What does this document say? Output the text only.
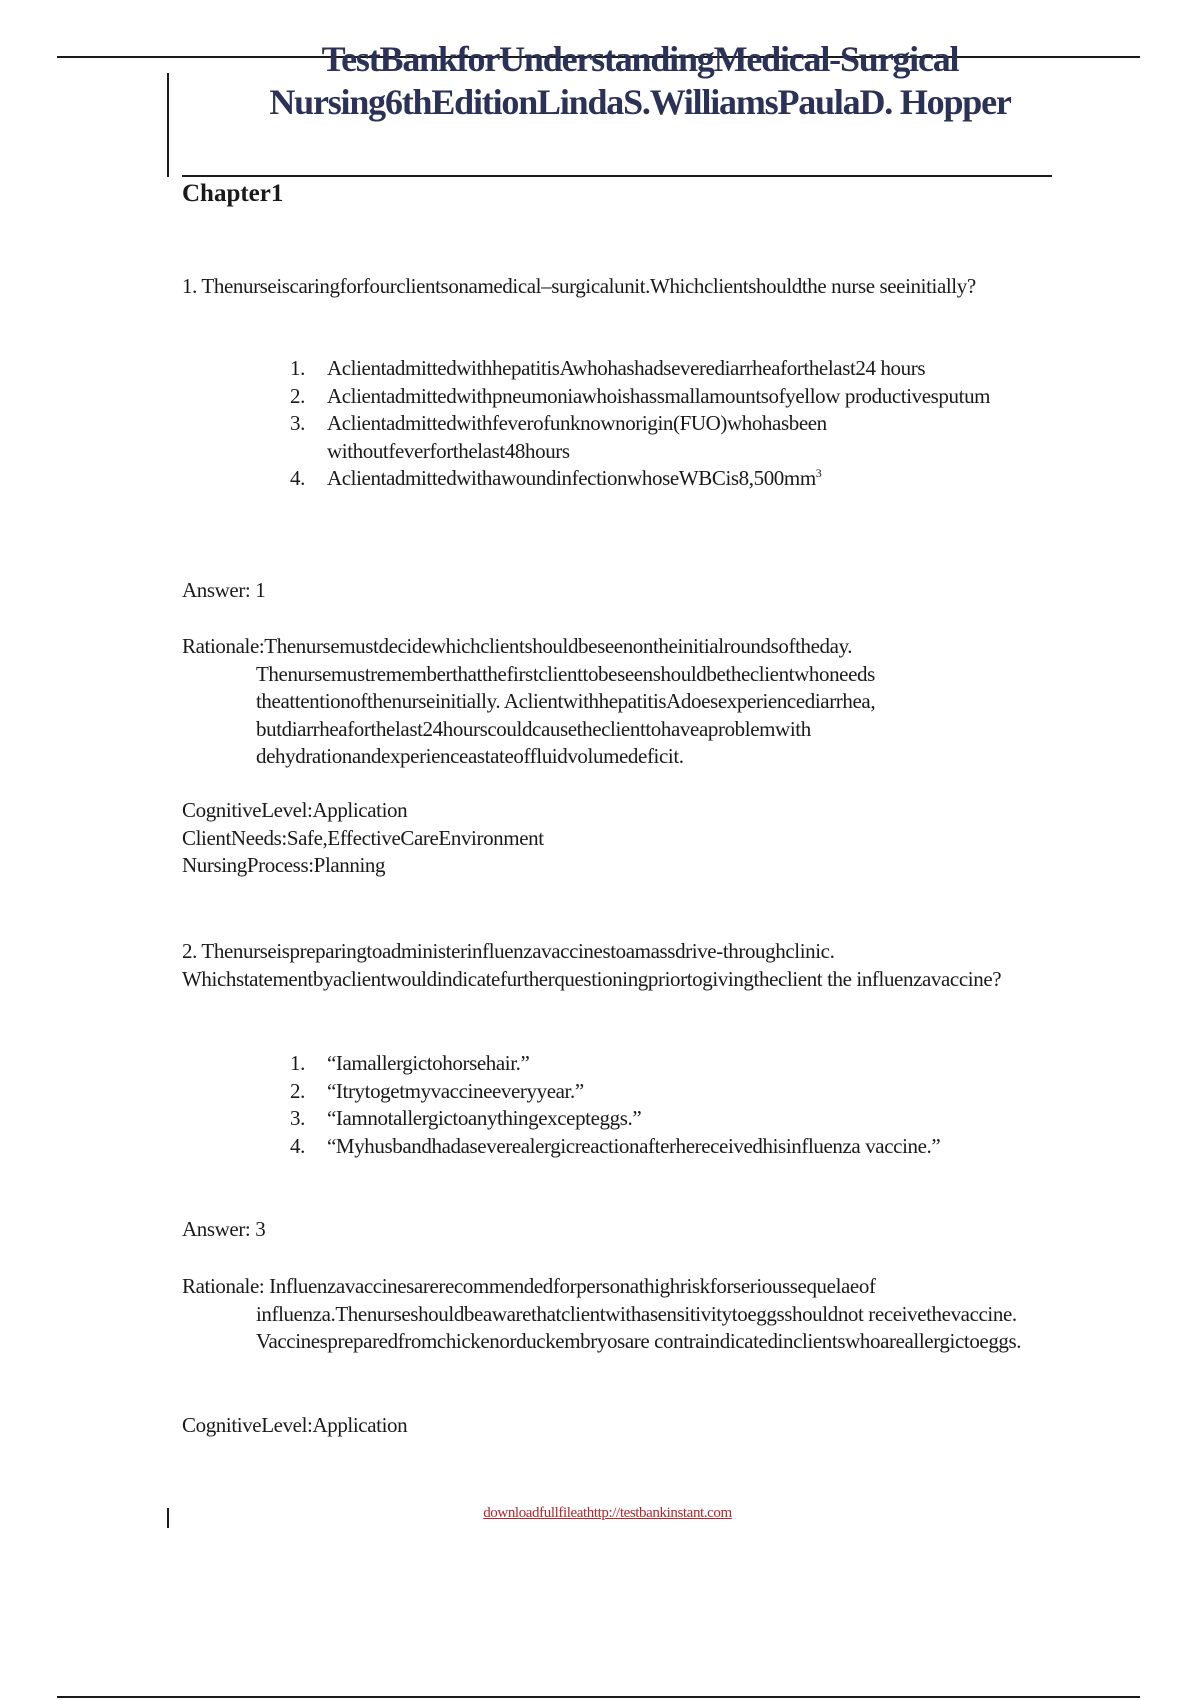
TestBankforUnderstandingMedical-Surgical Nursing6thEditionLindaS.WilliamsPaulaD. Hopper
Chapter1
1. Thenurseiscaringforfourclientsonamedical–surgicalunit.Whichclientshouldthe nurse seeinitially?
1. AclientadmittedwithhepatitisAwhohashadseverediarrheaforthelast24 hours
2. Aclientadmittedwithpneumoniawhoishassmallamountsofyellow productivesputum
3. Aclientadmittedwithfeverofunknownorigin(FUO)whohasbeen withoutfeverforthelast48hours
4. $AclientadmittedwithawoundinfectionwhoseWBCis8,500mm^3$
Answer: 1
Rationale:Thenursemustdecidewhichclientshouldbeseenontheinitialroundsoftheday. Thenursemustrememberthatthefirstclienttobeseenshouldbetheclientwhoneeds theattentionofthenurseinitially. AclientwithhepatitisAdoesexperiencediarrhea, butdiarrheaforthelast24hourscouldcausetheclienttohaveaproblemwith dehydrationandexperienceastateoffluidvolumedeficit.
CognitiveLevel:Application
ClientNeeds:Safe,EffectiveCareEnvironment
NursingProcess:Planning
2. Thenurseispreparingtoadministerinfluenzavaccinestoamassdrive-throughclinic. Whichstatementbyaclientwouldindicatefurtherquestioningpriortogivingtheclient the influenzavaccine?
1. “Iamallergictohorsehair.”
2. “Itrytogetmyvaccineeveryyear.”
3. “Iamnotallergictoanythingexcepteggs.”
4. “Myhusbandhadaseverealergicreactionafterhereceivedhisinfluenza vaccine.”
Answer: 3
Rationale: Influenzavaccinesarerecommendedforpersonathighriskforserioussequelaeof influenza.Thenurseshouldbeawarethatclientwithasensitivitytoeggsshouldnot receivethevaccine. Vaccinespreparedfromchickenorduckembryosare contraindicatedinclientswhoareallergictoeggs.
CognitiveLevel:Application
downloadfullfileathttp://testbankinstant.com
